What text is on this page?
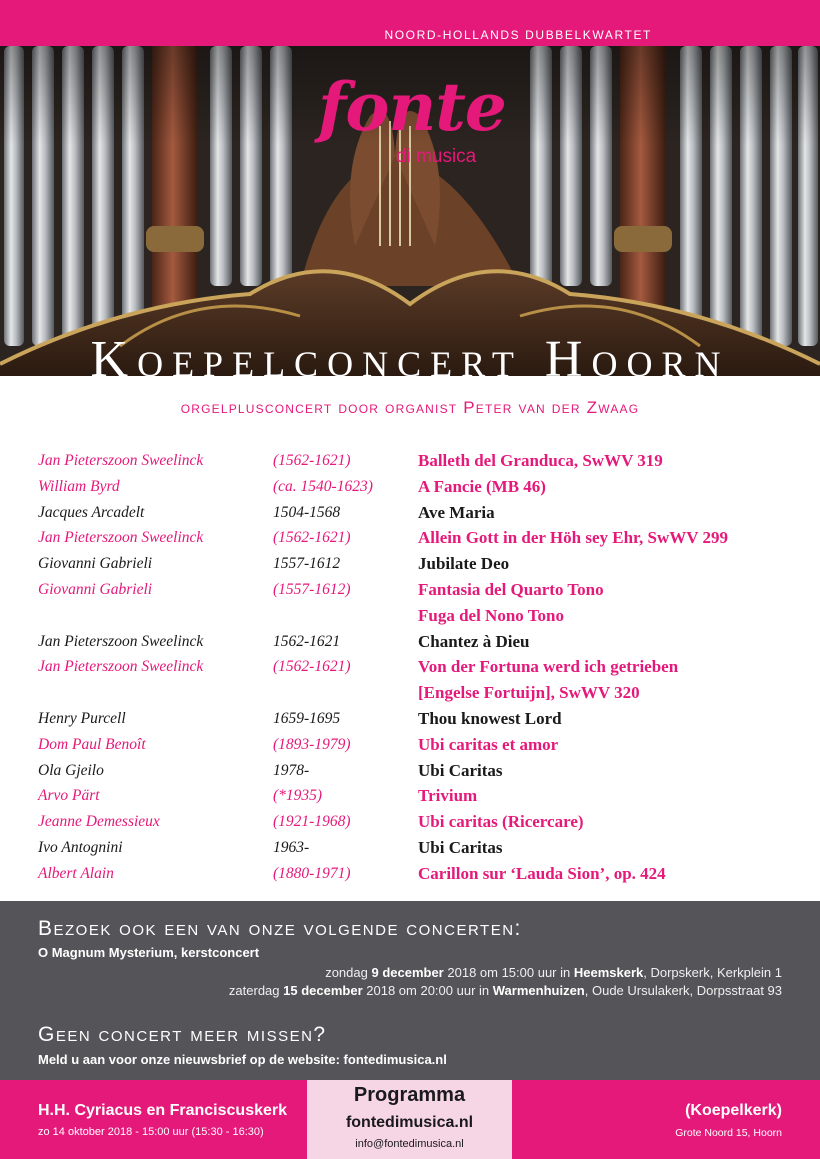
NOORD-HOLLANDS DUBBELKWARTET
fonte
di musica
Koepelconcert Hoorn
orgelplusconcert door organist Peter van der Zwaag
Jan Pieterszoon Sweelinck	(1562-1621)	Balleth del Granduca, SwWV 319
William Byrd	(ca. 1540-1623)	A Fancie (MB 46)
Jacques Arcadelt	1504-1568	Ave Maria
Jan Pieterszoon Sweelinck	(1562-1621)	Allein Gott in der Höh sey Ehr, SwWV 299
Giovanni Gabrieli	1557-1612	Jubilate Deo
Giovanni Gabrieli	(1557-1612)	Fantasia del Quarto Tono
Fuga del Nono Tono
Jan Pieterszoon Sweelinck	1562-1621	Chantez à Dieu
Jan Pieterszoon Sweelinck	(1562-1621)	Von der Fortuna werd ich getrieben
[Engelse Fortuijn], SwWV 320
Henry Purcell	1659-1695	Thou knowest Lord
Dom Paul Benoît	(1893-1979)	Ubi caritas et amor
Ola Gjeilo	1978-	Ubi Caritas
Arvo Pärt	(*1935)	Trivium
Jeanne Demessieux	(1921-1968)	Ubi caritas (Ricercare)
Ivo Antognini	1963-	Ubi Caritas
Albert Alain	(1880-1971)	Carillon sur ‘Lauda Sion’, op. 424
Bezoek ook een van onze volgende concerten:
O Magnum Mysterium, kerstconcert
zondag 9 december 2018 om 15:00 uur in Heemskerk, Dorpskerk, Kerkplein 1
zaterdag 15 december 2018 om 20:00 uur in Warmenhuizen, Oude Ursulakerk, Dorpsstraat 93
Geen concert meer missen?
Meld u aan voor onze nieuwsbrief op de website: fontedimusica.nl
H.H. Cyriacus en Franciscuskerk
zo 14 oktober 2018 - 15:00 uur (15:30 - 16:30)
Programma
fontedimusica.nl
info@fontedimusica.nl
(Koepelkerk)
Grote Noord 15, Hoorn
